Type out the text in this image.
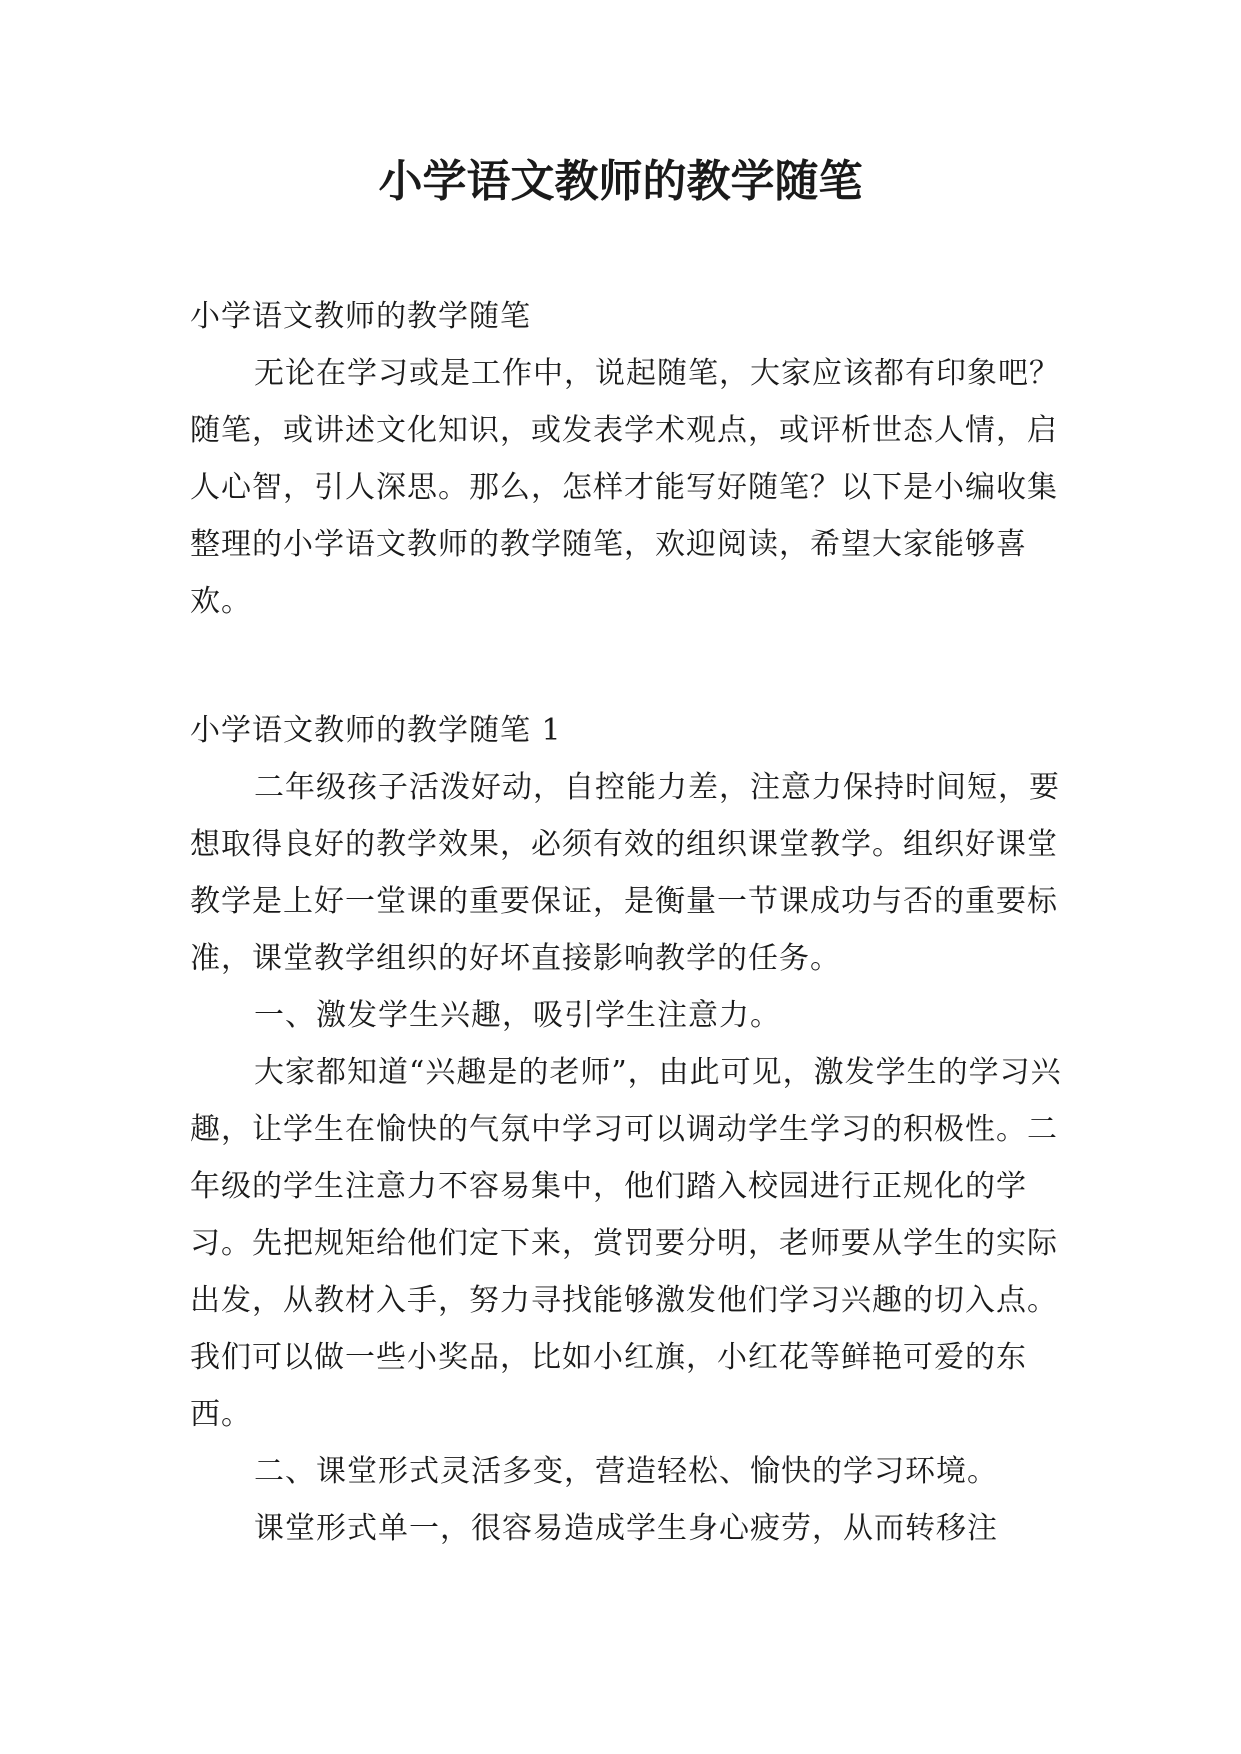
小学语文教师的教学随笔

小学语文教师的教学随笔

无论在学习或是工作中，说起随笔，大家应该都有印象吧？随笔，或讲述文化知识，或发表学术观点，或评析世态人情，启人心智，引人深思。那么，怎样才能写好随笔？以下是小编收集整理的小学语文教师的教学随笔，欢迎阅读，希望大家能够喜欢。

小学语文教师的教学随笔 1

二年级孩子活泼好动，自控能力差，注意力保持时间短，要想取得良好的教学效果，必须有效的组织课堂教学。组织好课堂教学是上好一堂课的重要保证，是衡量一节课成功与否的重要标准，课堂教学组织的好坏直接影响教学的任务。

一、激发学生兴趣，吸引学生注意力。

大家都知道“兴趣是的老师”，由此可见，激发学生的学习兴趣，让学生在愉快的气氛中学习可以调动学生学习的积极性。二年级的学生注意力不容易集中，他们踏入校园进行正规化的学习。先把规矩给他们定下来，赏罚要分明，老师要从学生的实际出发，从教材入手，努力寻找能够激发他们学习兴趣的切入点。我们可以做一些小奖品，比如小红旗，小红花等鲜艳可爱的东西。

二、课堂形式灵活多变，营造轻松、愉快的学习环境。

课堂形式单一，很容易造成学生身心疲劳，从而转移注
